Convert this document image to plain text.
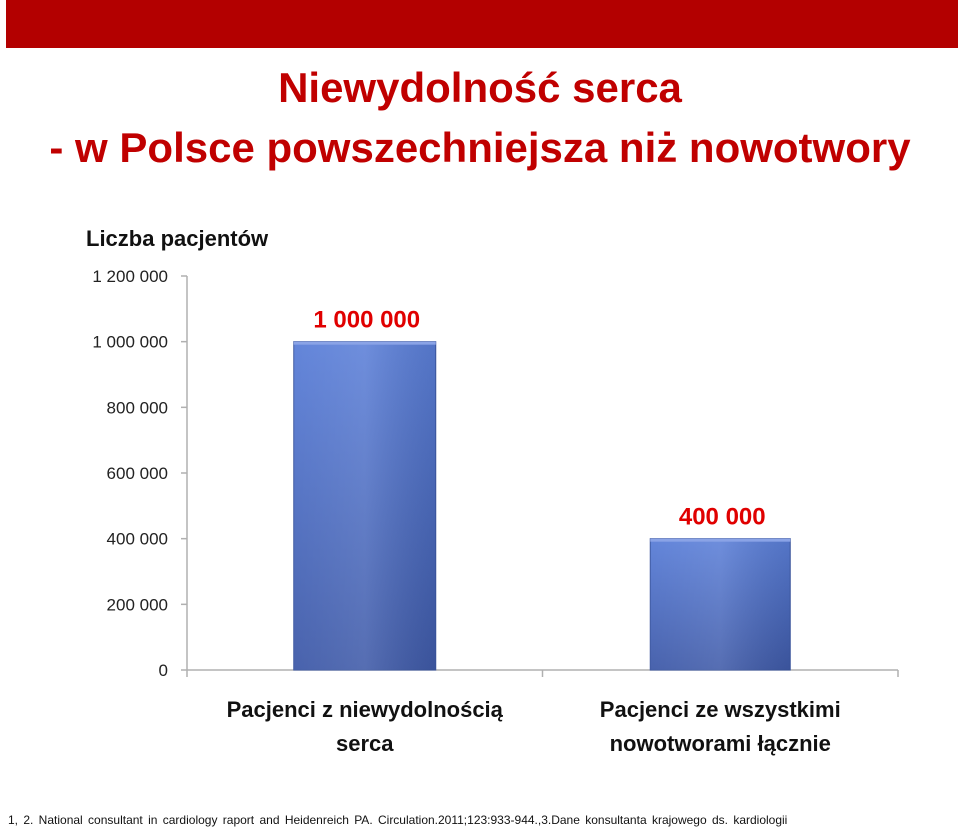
Niewydolność serca
- w Polsce powszechniejsza niż nowotwory
Liczba pacjentów
0
200 000
400 000
600 000
800 000
1 000 000
1 200 000
1 000 000
Pacjenci z niewydolnością
serca
400 000
Pacjenci ze wszystkimi
nowotworami łącznie
1, 2. National consultant in cardiology raport and Heidenreich PA. Circulation.2011;123:933-944.,3.Dane konsultanta krajowego ds. kardiologii
